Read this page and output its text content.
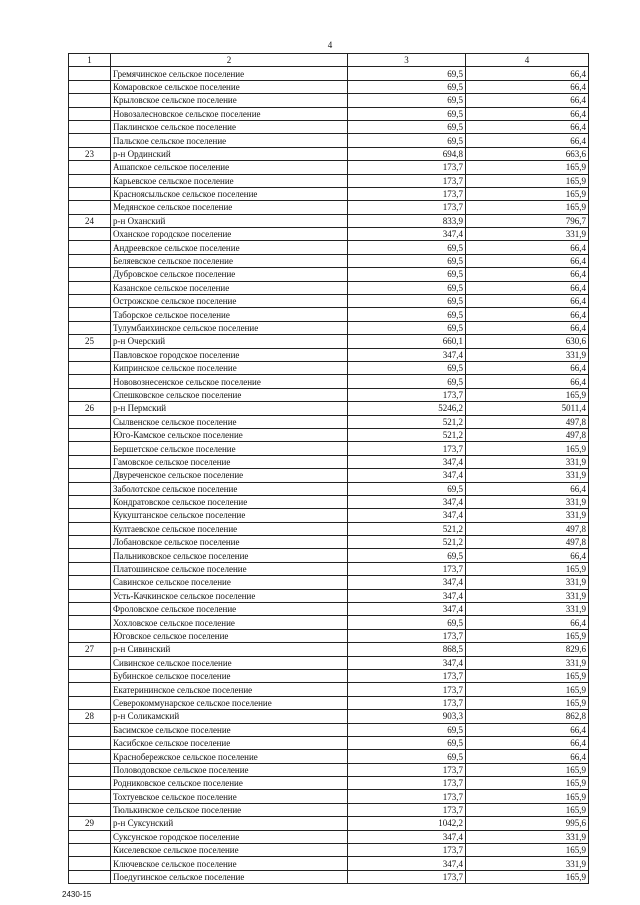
4
1	2	3	4
	Гремячинское сельское поселение	69,5	66,4
	Комаровское сельское поселение	69,5	66,4
	Крыловское сельское поселение	69,5	66,4
	Новозалесновское сельское поселение	69,5	66,4
	Паклинское сельское поселение	69,5	66,4
	Пальское сельское поселение	69,5	66,4
23	р-н Ординский	694,8	663,6
	Ашапское сельское поселение	173,7	165,9
	Карьевское сельское поселение	173,7	165,9
	Красноясыльское сельское поселение	173,7	165,9
	Медянское сельское поселение	173,7	165,9
24	р-н Оханский	833,9	796,7
	Оханское городское поселение	347,4	331,9
	Андреевское сельское поселение	69,5	66,4
	Беляевское сельское поселение	69,5	66,4
	Дубровское сельское поселение	69,5	66,4
	Казанское сельское поселение	69,5	66,4
	Острожское сельское поселение	69,5	66,4
	Таборское сельское поселение	69,5	66,4
	Тулумбаихинское сельское поселение	69,5	66,4
25	р-н Очерский	660,1	630,6
	Павловское городское поселение	347,4	331,9
	Кипринское сельское поселение	69,5	66,4
	Нововознесенское сельское поселение	69,5	66,4
	Спешковское сельское поселение	173,7	165,9
26	р-н Пермский	5246,2	5011,4
	Сылвенское сельское поселение	521,2	497,8
	Юго-Камское сельское поселение	521,2	497,8
	Бершетское сельское поселение	173,7	165,9
	Гамовское сельское поселение	347,4	331,9
	Двуреченское сельское поселение	347,4	331,9
	Заболотское сельское поселение	69,5	66,4
	Кондратовское сельское поселение	347,4	331,9
	Кукуштанское сельское поселение	347,4	331,9
	Култаевское сельское поселение	521,2	497,8
	Лобановское сельское поселение	521,2	497,8
	Пальниковское сельское поселение	69,5	66,4
	Платошинское сельское поселение	173,7	165,9
	Савинское сельское поселение	347,4	331,9
	Усть-Качкинское сельское поселение	347,4	331,9
	Фроловское сельское поселение	347,4	331,9
	Хохловское сельское поселение	69,5	66,4
	Юговское сельское поселение	173,7	165,9
27	р-н Сивинский	868,5	829,6
	Сивинское сельское поселение	347,4	331,9
	Бубинское сельское поселение	173,7	165,9
	Екатерининское сельское поселение	173,7	165,9
	Северокоммунарское сельское поселение	173,7	165,9
28	р-н Соликамский	903,3	862,8
	Басимское сельское поселение	69,5	66,4
	Касибское сельское поселение	69,5	66,4
	Краснобережское сельское поселение	69,5	66,4
	Половодовское сельское поселение	173,7	165,9
	Родниковское сельское поселение	173,7	165,9
	Тохтуевское сельское поселение	173,7	165,9
	Тюлькинское сельское поселение	173,7	165,9
29	р-н Суксунский	1042,2	995,6
	Суксунское городское поселение	347,4	331,9
	Киселевское сельское поселение	173,7	165,9
	Ключевское сельское поселение	347,4	331,9
	Поедугинское сельское поселение	173,7	165,9
2430-15
